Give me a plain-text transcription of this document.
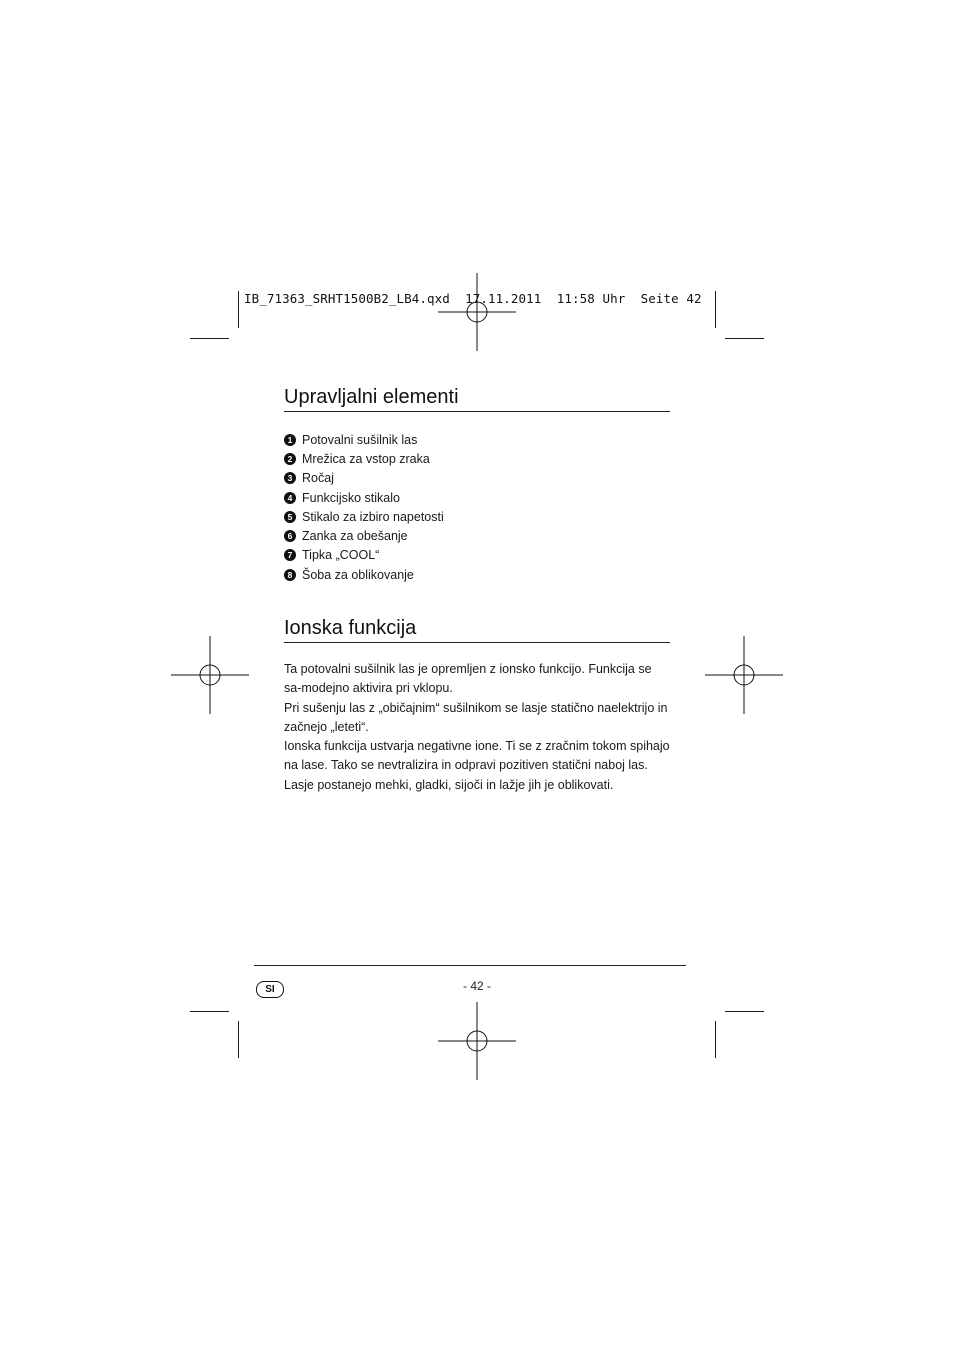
IB_71363_SRHT1500B2_LB4.qxd 17.11.2011 11:58 Uhr Seite 42
Upravljalni elementi
1 Potovalni sušilnik las
2 Mrežica za vstop zraka
3 Ročaj
4 Funkcijsko stikalo
5 Stikalo za izbiro napetosti
6 Zanka za obešanje
7 Tipka „COOL“
8 Šoba za oblikovanje
Ionska funkcija

Ta potovalni sušilnik las je opremljen z ionsko funkcijo. Funkcija se sa-modejno aktivira pri vklopu.

Pri sušenju las z „običajnim“ sušilnikom se lasje statično naelektrijo in začnejo „leteti“.

Ionska funkcija ustvarja negativne ione. Ti se z zračnim tokom spihajo na lase. Tako se nevtralizira in odpravi pozitiven statični naboj las. Lasje postanejo mehki, gladki, sijoči in lažje jih je oblikovati.

SI	- 42 -
